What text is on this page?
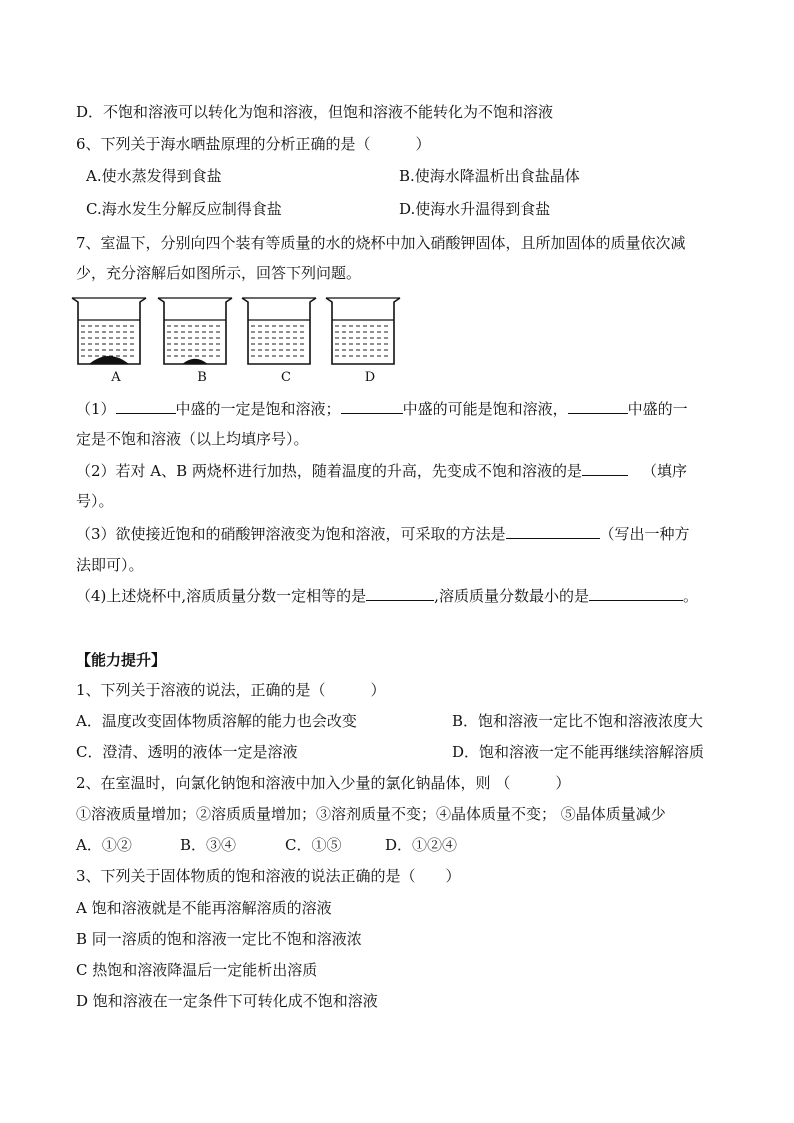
D．不饱和溶液可以转化为饱和溶液，但饱和溶液不能转化为不饱和溶液
6、下列关于海水晒盐原理的分析正确的是（　　　）
A.使水蒸发得到食盐	B.使海水降温析出食盐晶体
C.海水发生分解反应制得食盐	D.使海水升温得到食盐
7、室温下，分别向四个装有等质量的水的烧杯中加入硝酸钾固体，且所加固体的质量依次减
少，充分溶解后如图所示，回答下列问题。
A	B	C	D
（1）	中盛的一定是饱和溶液；	中盛的可能是饱和溶液，	中盛的一
定是不饱和溶液（以上均填序号）。
（2）若对 A、B 两烧杯进行加热，随着温度的升高，先变成不饱和溶液的是	（填序
号）。
（3）欲使接近饱和的硝酸钾溶液变为饱和溶液，可采取的方法是	（写出一种方
法即可）。
（4)上述烧杯中,溶质质量分数一定相等的是	,溶质质量分数最小的是	。
【能力提升】
1、下列关于溶液的说法，正确的是（　　　）
A．温度改变固体物质溶解的能力也会改变	B．饱和溶液一定比不饱和溶液浓度大
C．澄清、透明的液体一定是溶液	D．饱和溶液一定不能再继续溶解溶质
2、在室温时，向氯化钠饱和溶液中加入少量的氯化钠晶体，则 （　　　）
①溶液质量增加；②溶质质量增加；③溶剂质量不变；④晶体质量不变； ⑤晶体质量减少
A．①②	B．③④	C．①⑤	D．①②④
3、下列关于固体物质的饱和溶液的说法正确的是（　　）
A 饱和溶液就是不能再溶解溶质的溶液
B 同一溶质的饱和溶液一定比不饱和溶液浓
C 热饱和溶液降温后一定能析出溶质
D 饱和溶液在一定条件下可转化成不饱和溶液
